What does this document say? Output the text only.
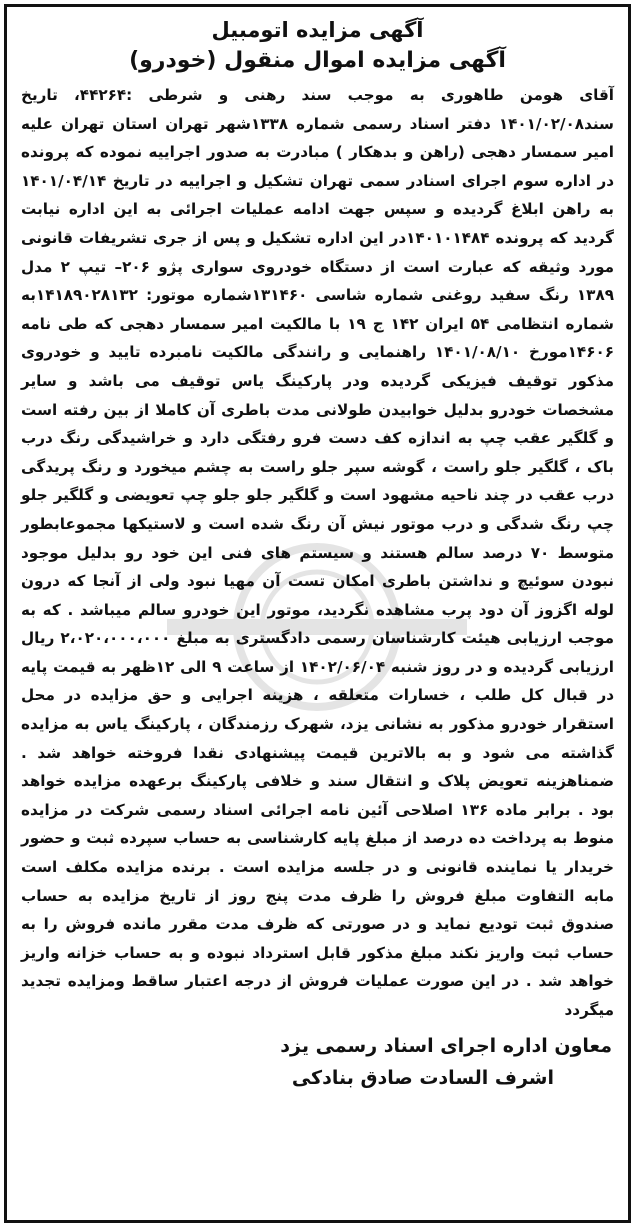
آگهی مزایده اتومبیل
آگهی مزایده اموال منقول (خودرو)

آقای هومن طاهوری به موجب سند رهنی و شرطی :۴۴۲۶۴، تاریخ سند۱۴۰۱/۰۲/۰۸ دفتر اسناد رسمی شماره ۱۳۳۸شهر تهران استان تهران علیه امیر سمسار دهجی (راهن و بدهکار ) مبادرت به صدور اجراییه نموده که پرونده در اداره سوم اجرای اسنادر سمی تهران تشکیل و اجراییه در تاریخ ۱۴۰۱/۰۴/۱۴ به راهن ابلاغ گردیده و سپس جهت ادامه عملیات اجرائی به این اداره نیابت گردید که پرونده ۱۴۰۱۰۱۴۸۴در این اداره تشکیل و پس از جری تشریفات قانونی مورد وثیقه که عبارت است از دستگاه خودروی سواری پژو ۲۰۶– تیپ ۲ مدل ۱۳۸۹ رنگ سفید روغنی شماره شاسی ۱۳۱۴۶۰شماره موتور: ۱۴۱۸۹۰۲۸۱۳۲به شماره انتظامی ۵۴ ایران ۱۴۲ ج ۱۹ با مالکیت امیر سمسار دهجی که طی نامه ۱۴۶۰۶مورخ ۱۴۰۱/۰۸/۱۰ راهنمایی و رانندگی مالکیت نامبرده تایید و خودروی مذکور توقیف فیزیکی گردیده ودر پارکینگ یاس توقیف می باشد و سایر مشخصات خودرو بدلیل خوابیدن طولانی مدت باطری آن کاملا از بین رفته است و گلگیر عقب چپ به اندازه کف دست فرو رفتگی دارد و خراشیدگی رنگ درب باک ، گلگیر جلو راست ، گوشه سپر جلو راست به چشم میخورد و رنگ پریدگی درب عقب در چند ناحیه مشهود است و گلگیر جلو جلو چپ تعویضی و گلگیر جلو چپ رنگ شدگی و درب موتور نیش آن رنگ شده است و لاستیکها مجموعابطور متوسط ۷۰ درصد سالم هستند و سیستم های فنی این خود رو بدلیل موجود نبودن سوئیچ و نداشتن باطری امکان تست آن مهیا نبود ولی از آنجا که درون لوله اگزوز آن دود پرب مشاهده نگردید، موتور این خودرو سالم میباشد . که به موجب ارزیابی هیئت کارشناسان رسمی دادگستری به مبلغ ۲،۰۲۰،۰۰۰،۰۰۰ ریال ارزیابی گردیده و در روز شنبه ۱۴۰۲/۰۶/۰۴ از ساعت ۹ الی ۱۲ظهر به قیمت پایه در قبال کل طلب ، خسارات متعلقه ، هزینه اجرایی و حق مزایده در محل استقرار خودرو مذکور به نشانی یزد، شهرک رزمندگان ، پارکینگ یاس به مزایده گذاشته می شود و به بالاترین قیمت پیشنهادی نقدا فروخته خواهد شد . ضمناهزینه تعویض پلاک و انتقال سند و خلافی پارکینگ برعهده مزایده خواهد بود . برابر ماده ۱۳۶ اصلاحی آئین نامه اجرائی اسناد رسمی شرکت در مزایده منوط به پرداخت ده درصد از مبلغ پایه کارشناسی به حساب سپرده ثبت و حضور خریدار یا نماینده قانونی و در جلسه مزایده است . برنده مزایده مکلف است مابه التفاوت مبلغ فروش را ظرف مدت پنج روز از تاریخ مزایده به حساب صندوق ثبت تودیع نماید و در صورتی که ظرف مدت مقرر مانده فروش را به حساب ثبت واریز نکند مبلغ مذکور قابل استرداد نبوده و به حساب خزانه واریز خواهد شد . در این صورت عملیات فروش از درجه اعتبار ساقط ومزایده تجدید میگردد

معاون اداره اجرای اسناد رسمی یزد
اشرف السادت صادق بنادکی
